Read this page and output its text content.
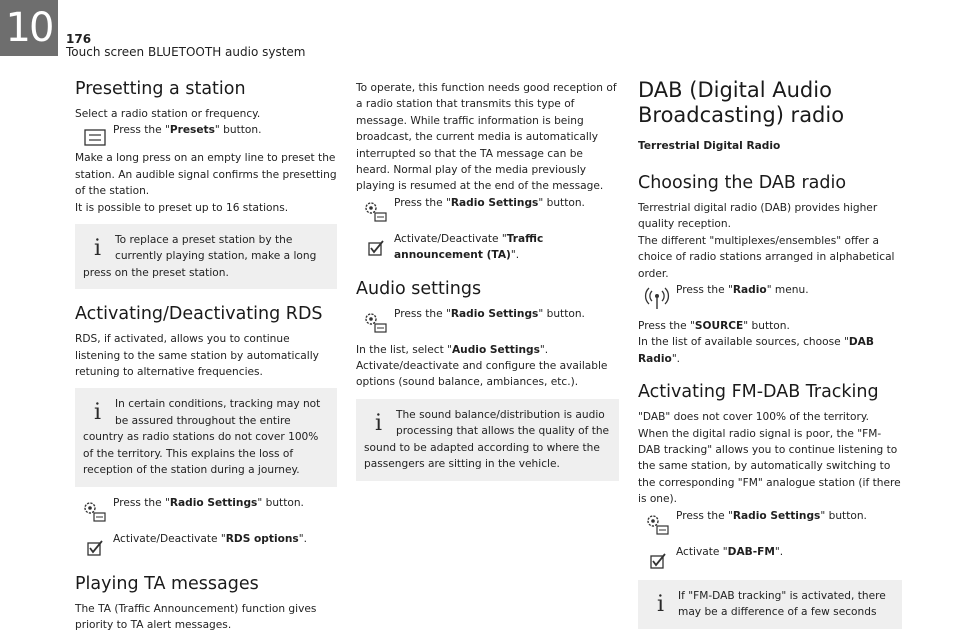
10	176
Touch screen BLUETOOTH audio system
Presetting a station

Select a radio station or frequency.

Press the "Presets" button.

Make a long press on an empty line to preset the station. An audible signal confirms the presetting of the station.

It is possible to preset up to 16 stations.

i To replace a preset station by the currently playing station, make a long press on the preset station.
Activating/Deactivating RDS

RDS, if activated, allows you to continue listening to the same station by automatically retuning to alternative frequencies.

i In certain conditions, tracking may not be assured throughout the entire country as radio stations do not cover 100% of the territory. This explains the loss of reception of the station during a journey.
Press the "Radio Settings" button.
Activate/Deactivate "RDS options".
Playing TA messages

The TA (Traffic Announcement) function gives priority to TA alert messages.

To operate, this function needs good reception of a radio station that transmits this type of message. While traffic information is being broadcast, the current media is automatically interrupted so that the TA message can be heard. Normal play of the media previously playing is resumed at the end of the message.

Press the "Radio Settings" button.
Activate/Deactivate "Traffic announcement (TA)".
Audio settings
Press the "Radio Settings" button.

In the list, select "Audio Settings".

Activate/deactivate and configure the available options (sound balance, ambiances, etc.).

i The sound balance/distribution is audio processing that allows the quality of the sound to be adapted according to where the passengers are sitting in the vehicle.
DAB (Digital Audio Broadcasting) radio
Terrestrial Digital Radio
Choosing the DAB radio

Terrestrial digital radio (DAB) provides higher quality reception.

The different "multiplexes/ensembles" offer a choice of radio stations arranged in alphabetical order.

Press the "Radio" menu.

Press the "SOURCE" button.

In the list of available sources, choose "DAB Radio".

Activating FM-DAB Tracking

"DAB" does not cover 100% of the territory.

When the digital radio signal is poor, the "FM-DAB tracking" allows you to continue listening to the same station, by automatically switching to the corresponding "FM" analogue station (if there is one).

Press the "Radio Settings" button.
Activate "DAB-FM".
i If "FM-DAB tracking" is activated, there may be a difference of a few seconds
